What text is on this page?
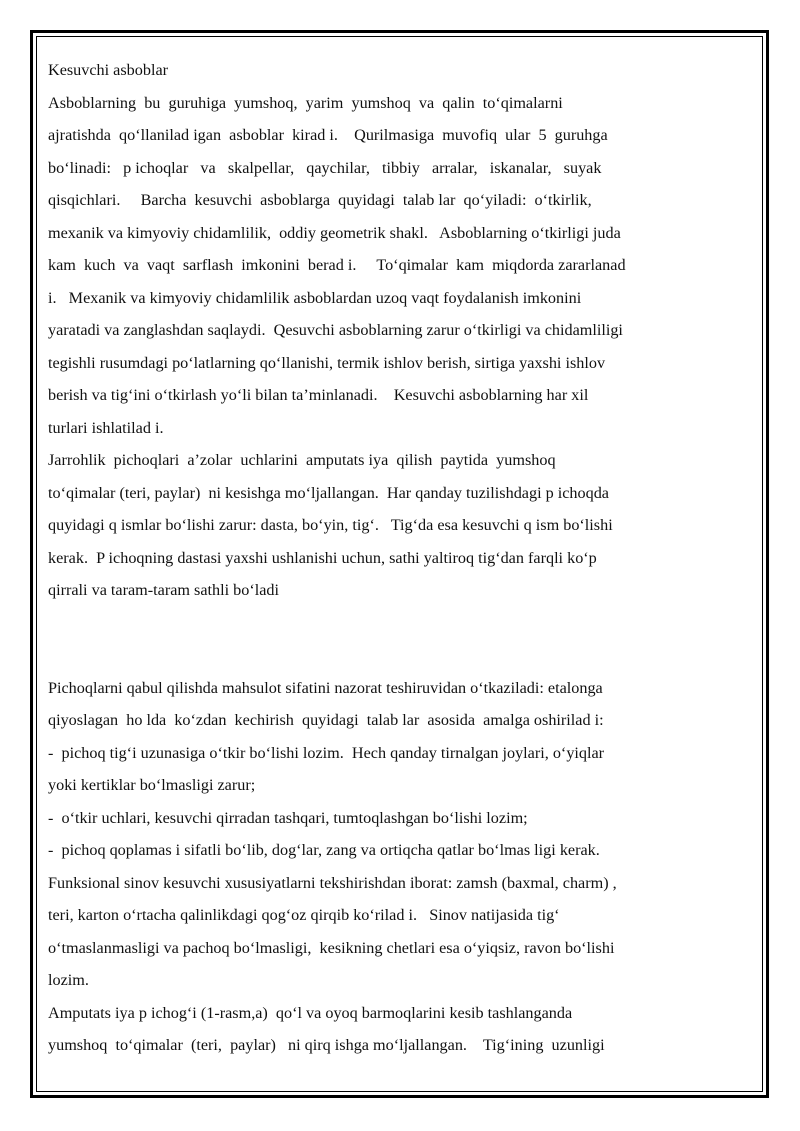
Kesuvchi asboblar
Asboblarning  bu  guruhiga  yumshoq,  yarim  yumshoq  va  qalin  to‘qimalarni
ajratishda  qo‘llanilad igan  asboblar  kirad i.    Qurilmasiga  muvofiq  ular  5  guruhga
bo‘linadi:   p ichoqlar   va   skalpellar,   qaychilar,   tibbiy   arralar,   iskanalar,   suyak
qisqichlari.     Barcha  kesuvchi  asboblarga  quyidagi  talab lar  qo‘yiladi:  o‘tkirlik,
mexanik va kimyoviy chidamlilik,  oddiy geometrik shakl.   Asboblarning o‘tkirligi juda
kam  kuch  va  vaqt  sarflash  imkonini  berad i.     To‘qimalar  kam  miqdorda zararlanad
i.   Mexanik va kimyoviy chidamlilik asboblardan uzoq vaqt foydalanish imkonini
yaratadi va zanglashdan saqlaydi.  Qesuvchi asboblarning zarur o‘tkirligi va chidamliligi
tegishli rusumdagi po‘latlarning qo‘llanishi, termik ishlov berish, sirtiga yaxshi ishlov
berish va tig‘ini o‘tkirlash yo‘li bilan ta’minlanadi.    Kesuvchi asboblarning har xil
turlari ishlatilad i.
Jarrohlik  pichoqlari  a’zolar  uchlarini  amputats iya  qilish  paytida  yumshoq
to‘qimalar (teri, paylar)  ni kesishga mo‘ljallangan.  Har qanday tuzilishdagi p ichoqda
quyidagi q ismlar bo‘lishi zarur: dasta, bo‘yin, tig‘.   Tig‘da esa kesuvchi q ism bo‘lishi
kerak.  P ichoqning dastasi yaxshi ushlanishi uchun, sathi yaltiroq tig‘dan farqli ko‘p
qirrali va taram-taram sathli bo‘ladi
Pichoqlarni qabul qilishda mahsulot sifatini nazorat teshiruvidan o‘tkaziladi: etalonga
qiyoslagan  ho lda  ko‘zdan  kechirish  quyidagi  talab lar  asosida  amalga oshirilad i:
-  pichoq tig‘i uzunasiga o‘tkir bo‘lishi lozim.  Hech qanday tirnalgan joylari, o‘yiqlar
yoki kertiklar bo‘lmasligi zarur;
-  o‘tkir uchlari, kesuvchi qirradan tashqari, tumtoqlashgan bo‘lishi lozim;
-  pichoq qoplamas i sifatli bo‘lib, dog‘lar, zang va ortiqcha qatlar bo‘lmas ligi kerak.
Funksional sinov kesuvchi xususiyatlarni tekshirishdan iborat: zamsh (baxmal, charm) ,
teri, karton o‘rtacha qalinlikdagi qog‘oz qirqib ko‘rilad i.   Sinov natijasida tig‘
o‘tmaslanmasligi va pachoq bo‘lmasligi,  kesikning chetlari esa o‘yiqsiz, ravon bo‘lishi
lozim.
Amputats iya p ichog‘i (1-rasm,a)  qo‘l va oyoq barmoqlarini kesib tashlanganda
yumshoq  to‘qimalar  (teri,  paylar)   ni qirq ishga mo‘ljallangan.    Tig‘ining  uzunligi
